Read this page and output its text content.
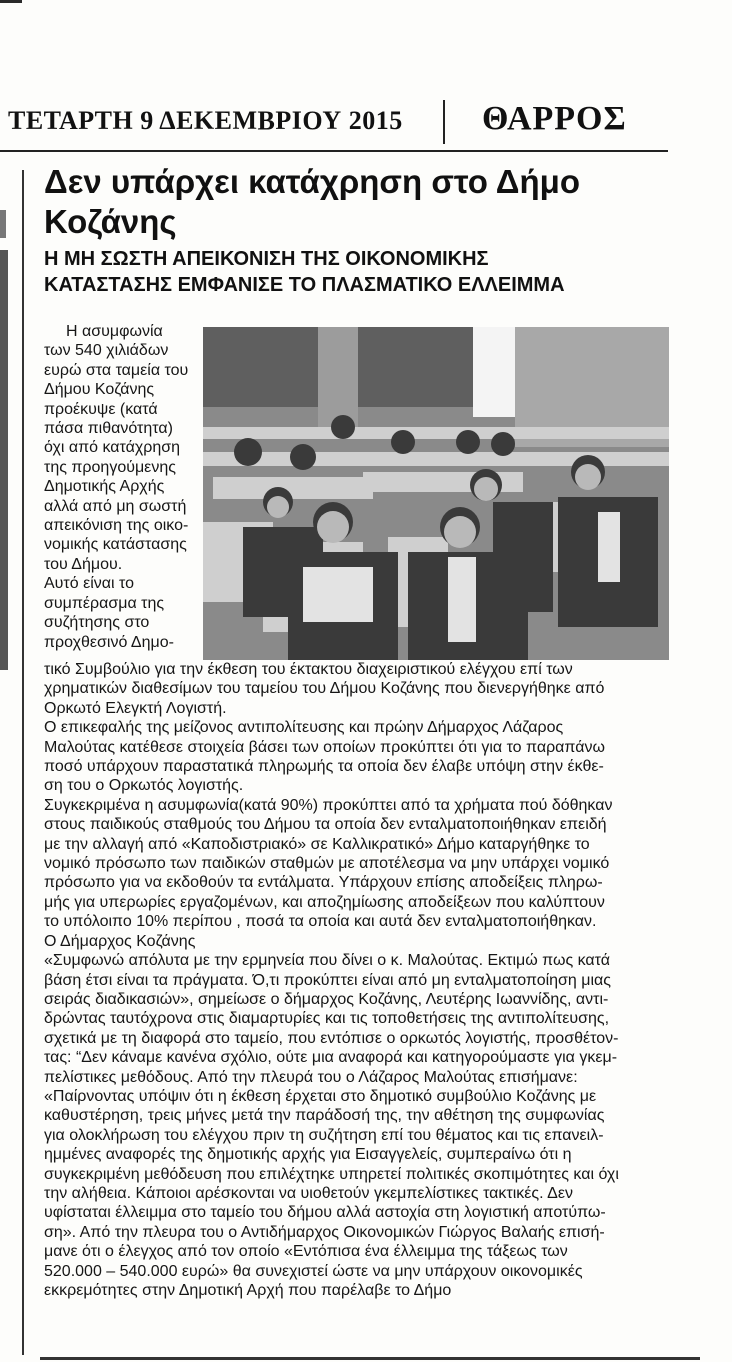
ΤΕΤΑΡΤΗ 9 ΔΕΚΕΜΒΡΙΟΥ 2015 ΘΑΡΡΟΣ
Δεν υπάρχει κατάχρηση στο Δήμο
Κοζάνης
Η ΜΗ ΣΩΣΤΗ ΑΠΕΙΚΟΝΙΣΗ ΤΗΣ ΟΙΚΟΝΟΜΙΚΗΣ
ΚΑΤΑΣΤΑΣΗΣ ΕΜΦΑΝΙΣΕ ΤΟ ΠΛΑΣΜΑΤΙΚΟ ΕΛΛΕΙΜΜΑ
Η ασυμφωνία
των 540 χιλιάδων
ευρώ στα ταμεία του
Δήμου Κοζάνης
προέκυψε (κατά
πάσα πιθανότητα)
όχι από κατάχρηση
της προηγούμενης
Δημοτικής Αρχής
αλλά από μη σωστή
απεικόνιση της οικο-
νομικής κατάστασης
του Δήμου.
Αυτό είναι το
συμπέρασμα της
συζήτησης στο
προχθεσινό Δημο-
τικό Συμβούλιο για την έκθεση του έκτακτου διαχειριστικού ελέγχου επί των
χρηματικών διαθεσίμων του ταμείου του Δήμου Κοζάνης που διενεργήθηκε από
Ορκωτό Ελεγκτή Λογιστή.
Ο επικεφαλής της μείζονος αντιπολίτευσης και πρώην Δήμαρχος Λάζαρος
Μαλούτας κατέθεσε στοιχεία βάσει των οποίων προκύπτει ότι για το παραπάνω
ποσό υπάρχουν παραστατικά πληρωμής τα οποία δεν έλαβε υπόψη στην έκθε-
ση του ο Ορκωτός λογιστής.
Συγκεκριμένα η ασυμφωνία(κατά 90%) προκύπτει από τα χρήματα πού δόθηκαν
στους παιδικούς σταθμούς του Δήμου τα οποία δεν ενταλματοποιήθηκαν επειδή
με την αλλαγή από «Καποδιστριακό» σε Καλλικρατικό» Δήμο καταργήθηκε το
νομικό πρόσωπο των παιδικών σταθμών με αποτέλεσμα να μην υπάρχει νομικό
πρόσωπο για να εκδοθούν τα εντάλματα. Υπάρχουν επίσης αποδείξεις πληρω-
μής για υπερωρίες εργαζομένων, και αποζημίωσης αποδείξεων που καλύπτουν
το υπόλοιπο 10% περίπου , ποσά τα οποία και αυτά δεν ενταλματοποιήθηκαν.
Ο Δήμαρχος Κοζάνης
«Συμφωνώ απόλυτα με την ερμηνεία που δίνει ο κ. Μαλούτας. Εκτιμώ πως κατά
βάση έτσι είναι τα πράγματα. Ό,τι προκύπτει είναι από μη ενταλματοποίηση μιας
σειράς διαδικασιών», σημείωσε ο δήμαρχος Κοζάνης, Λευτέρης Ιωαννίδης, αντι-
δρώντας ταυτόχρονα στις διαμαρτυρίες και τις τοποθετήσεις της αντιπολίτευσης,
σχετικά με τη διαφορά στο ταμείο, που εντόπισε ο ορκωτός λογιστής, προσθέτον-
τας: “Δεν κάναμε κανένα σχόλιο, ούτε μια αναφορά και κατηγορούμαστε για γκεμ-
πελίστικες μεθόδους. Από την πλευρά του ο Λάζαρος Μαλούτας επισήμανε:
«Παίρνοντας υπόψιν ότι η έκθεση έρχεται στο δημοτικό συμβούλιο Κοζάνης με
καθυστέρηση, τρεις μήνες μετά την παράδοσή της, την αθέτηση της συμφωνίας
για ολοκλήρωση του ελέγχου πριν τη συζήτηση επί του θέματος και τις επανειλ-
ημμένες αναφορές της δημοτικής αρχής για Εισαγγελείς, συμπεραίνω ότι η
συγκεκριμένη μεθόδευση που επιλέχτηκε υπηρετεί πολιτικές σκοπιμότητες και όχι
την αλήθεια. Κάποιοι αρέσκονται να υιοθετούν γκεμπελίστικες τακτικές. Δεν
υφίσταται έλλειμμα στο ταμείο του δήμου αλλά αστοχία στη λογιστική αποτύπω-
ση». Από την πλευρα του ο Αντιδήμαρχος Οικονομικών Γιώργος Βαλαής επισή-
μανε ότι ο έλεγχος από τον οποίο «Εντόπισα ένα έλλειμμα της τάξεως των
520.000 – 540.000 ευρώ» θα συνεχιστεί ώστε να μην υπάρχουν οικονομικές
εκκρεμότητες στην Δημοτική Αρχή που παρέλαβε το Δήμο
